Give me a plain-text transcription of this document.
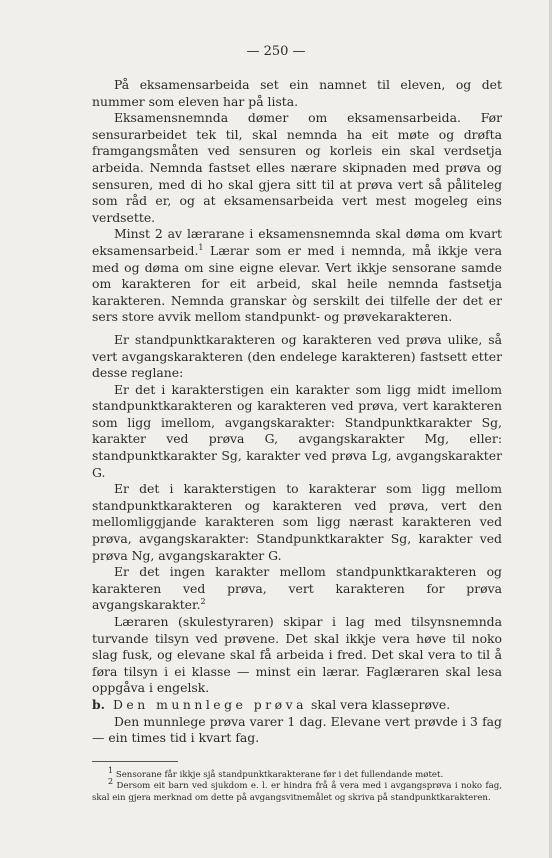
— 250 —

På eksamensarbeida set ein namnet til eleven, og det nummer som eleven har på lista.

Eksamensnemnda dømer om eksamensarbeida. Før sensurarbeidet tek til, skal nemnda ha eit møte og drøfta framgangsmåten ved sensuren og korleis ein skal verdsetja arbeida. Nemnda fastset elles nærare skipnaden med prøva og sensuren, med di ho skal gjera sitt til at prøva vert så påliteleg som råd er, og at eksamensarbeida vert mest mogeleg eins verdsette.

Minst 2 av lærarane i eksamensnemnda skal døma om kvart eksamensarbeid.$^1$ Lærar som er med i nemnda, må ikkje vera med og døma om sine eigne elevar. Vert ikkje sensorane samde om karakteren for eit arbeid, skal heile nemnda fastsetja karakteren. Nemnda granskar òg serskilt dei tilfelle der det er sers store avvik mellom standpunkt- og prøvekarakteren.

Er standpunktkarakteren og karakteren ved prøva ulike, så vert avgangskarakteren (den endelege karakteren) fastsett etter desse reglane:

Er det i karakterstigen ein karakter som ligg midt imellom standpunktkarakteren og karakteren ved prøva, vert karakteren som ligg imellom, avgangskarakter: Standpunktkarakter Sg, karakter ved prøva G, avgangskarakter Mg, eller: standpunktkarakter Sg, karakter ved prøva Lg, avgangskarakter G.

Er det i karakterstigen to karakterar som ligg mellom standpunktkarakteren og karakteren ved prøva, vert den mellomliggjande karakteren som ligg nærast karakteren ved prøva, avgangskarakter: Standpunktkarakter Sg, karakter ved prøva Ng, avgangskarakter G.

Er det ingen karakter mellom standpunktkarakteren og karakteren ved prøva, vert karakteren for prøva avgangskarakter.$^2$

Læraren (skulestyraren) skipar i lag med tilsynsnemnda turvande tilsyn ved prøvene. Det skal ikkje vera høve til noko slag fusk, og elevane skal få arbeida i fred. Det skal vera to til å føra tilsyn i ei klasse — minst ein lærar. Faglæraren skal lesa oppgåva i engelsk.

b. Den munnlege prøva skal vera klasseprøve.

Den munnlege prøva varer 1 dag. Elevane vert prøvde i 3 fag — ein times tid i kvart fag.

1 Sensorane får ikkje sjå standpunktkarakterane før i det fullendande møtet.

2 Dersom eit barn ved sjukdom e. l. er hindra frå å vera med i avgangsprøva i noko fag, skal ein gjera merknad om dette på avgangsvitnemålet og skriva på standpunktkarakteren.
